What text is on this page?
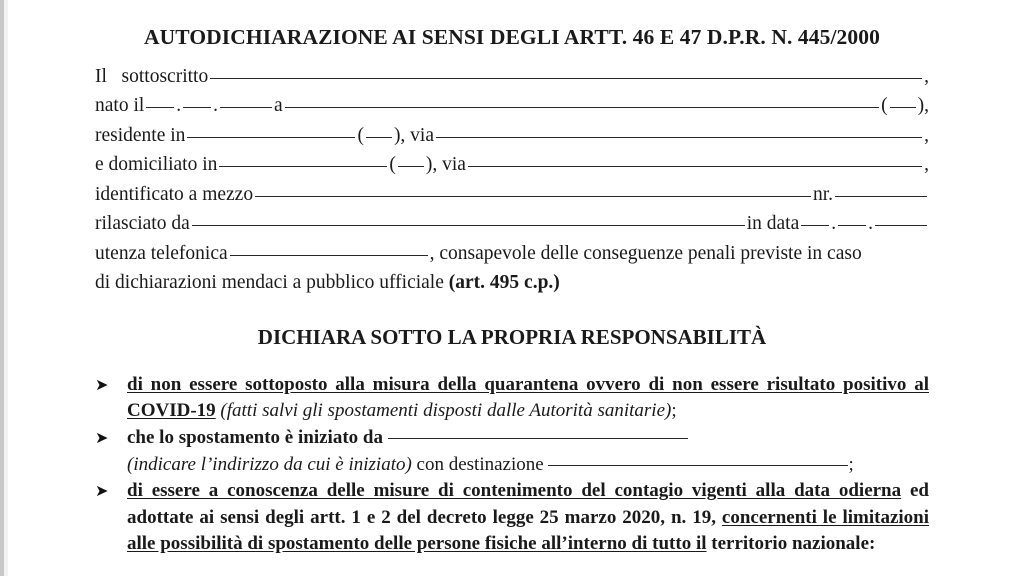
AUTODICHIARAZIONE AI SENSI DEGLI ARTT. 46 E 47 D.P.R. N. 445/2000
Il   sottoscritto	,
nato il . .	a	( ),
residente in	( ), via	,
e domiciliato in	( ), via	,
identificato a mezzo	nr.
rilasciato da	in data . .
utenza telefonica	, consapevole delle conseguenze penali previste in caso
di dichiarazioni mendaci a pubblico ufficiale (art. 495 c.p.)
DICHIARA SOTTO LA PROPRIA RESPONSABILITÀ
➤ di non essere sottoposto alla misura della quarantena ovvero di non essere risultato positivo al COVID-19 (fatti salvi gli spostamenti disposti dalle Autorità sanitarie);
➤ che lo spostamento è iniziato da
(indicare l’indirizzo da cui è iniziato) con destinazione	;
➤ di essere a conoscenza delle misure di contenimento del contagio vigenti alla data odierna ed adottate ai sensi degli artt. 1 e 2 del decreto legge 25 marzo 2020, n. 19, concernenti le limitazioni alle possibilità di spostamento delle persone fisiche all’interno di tutto il territorio nazionale:
